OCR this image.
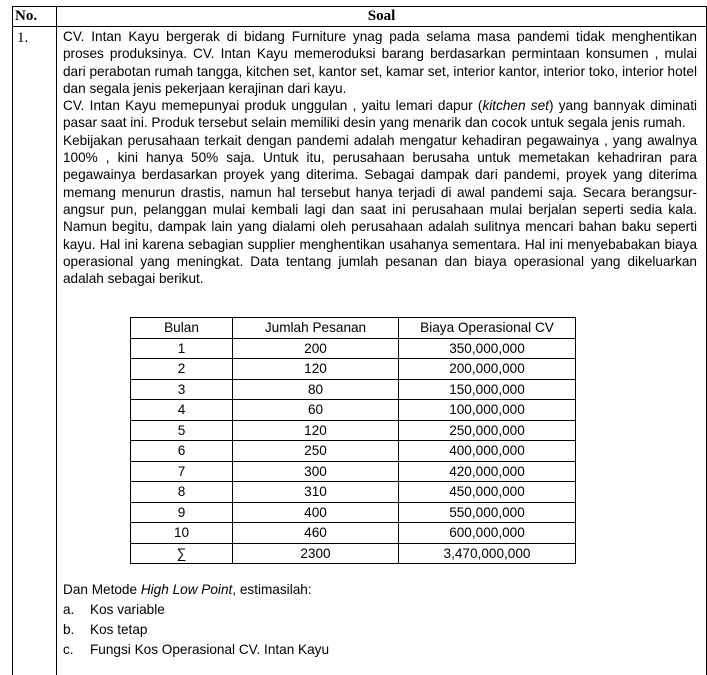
No.	Soal
1.	CV. Intan Kayu bergerak di bidang Furniture ynag pada selama masa pandemi tidak menghentikan proses produksinya. CV. Intan Kayu memeroduksi barang berdasarkan permintaan konsumen , mulai dari perabotan rumah tangga, kitchen set, kantor set, kamar set, interior kantor, interior toko, interior hotel dan segala jenis pekerjaan kerajinan dari kayu.

CV. Intan Kayu memepunyai produk unggulan , yaitu lemari dapur (kitchen set) yang bannyak diminati pasar saat ini. Produk tersebut selain memiliki desin yang menarik dan cocok untuk segala jenis rumah.

Kebijakan perusahaan terkait dengan pandemi adalah mengatur kehadiran pegawainya , yang awalnya 100% , kini hanya 50% saja. Untuk itu, perusahaan berusaha untuk memetakan kehadriran para pegawainya berdasarkan proyek yang diterima. Sebagai dampak dari pandemi, proyek yang diterima memang menurun drastis, namun hal tersebut hanya terjadi di awal pandemi saja. Secara berangsur-angsur pun, pelanggan mulai kembali lagi dan saat ini perusahaan mulai berjalan seperti sedia kala. Namun begitu, dampak lain yang dialami oleh perusahaan adalah sulitnya mencari bahan baku seperti kayu. Hal ini karena sebagian supplier menghentikan usahanya sementara. Hal ini menyebabakan biaya operasional yang meningkat. Data tentang jumlah pesanan dan biaya operasional yang dikeluarkan adalah sebagai berikut.

Bulan	Jumlah Pesanan	Biaya Operasional CV
1	200	350,000,000
2	120	200,000,000
3	80	150,000,000
4	60	100,000,000
5	120	250,000,000
6	250	400,000,000
7	300	420,000,000
8	310	450,000,000
9	400	550,000,000
10	460	600,000,000
∑	2300	3,470,000,000
Dan Metode High Low Point, estimasilah:
a.	Kos variable
b.	Kos tetap
c.	Fungsi Kos Operasional CV. Intan Kayu
